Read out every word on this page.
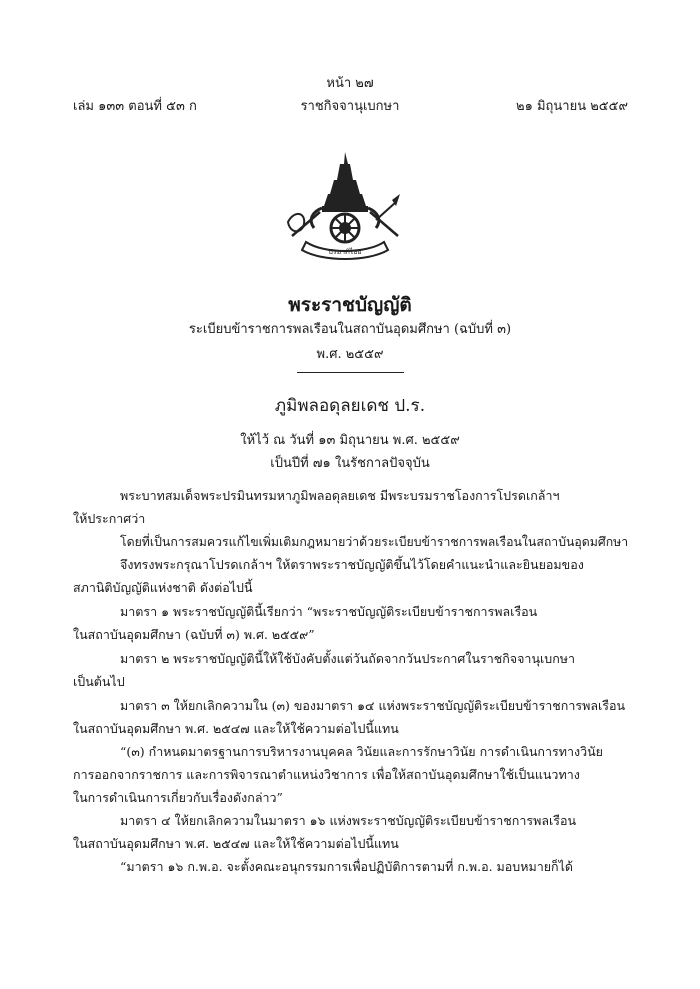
หน้า ๒๗
เล่ม ๑๓๓ ตอนที่ ๕๓ ก	ราชกิจจานุเบกษา	๒๑ มิถุนายน ๒๕๕๙
ปรมาภิไธย
พระราชบัญญัติ
ระเบียบข้าราชการพลเรือนในสถาบันอุดมศึกษา (ฉบับที่ ๓)
พ.ศ. ๒๕๕๙
ภูมิพลอดุลยเดช ป.ร.
ให้ไว้ ณ วันที่ ๑๓ มิถุนายน พ.ศ. ๒๕๕๙
เป็นปีที่ ๗๑ ในรัชกาลปัจจุบัน
พระบาทสมเด็จพระปรมินทรมหาภูมิพลอดุลยเดช มีพระบรมราชโองการโปรดเกล้าฯ
ให้ประกาศว่า
โดยที่เป็นการสมควรแก้ไขเพิ่มเติมกฎหมายว่าด้วยระเบียบข้าราชการพลเรือนในสถาบันอุดมศึกษา
จึงทรงพระกรุณาโปรดเกล้าฯ ให้ตราพระราชบัญญัติขึ้นไว้โดยคำแนะนำและยินยอมของ
สภานิติบัญญัติแห่งชาติ ดังต่อไปนี้
มาตรา ๑ พระราชบัญญัตินี้เรียกว่า “พระราชบัญญัติระเบียบข้าราชการพลเรือน
ในสถาบันอุดมศึกษา (ฉบับที่ ๓) พ.ศ. ๒๕๕๙”
มาตรา ๒ พระราชบัญญัตินี้ให้ใช้บังคับตั้งแต่วันถัดจากวันประกาศในราชกิจจานุเบกษา
เป็นต้นไป
มาตรา ๓ ให้ยกเลิกความใน (๓) ของมาตรา ๑๔ แห่งพระราชบัญญัติระเบียบข้าราชการพลเรือน
ในสถาบันอุดมศึกษา พ.ศ. ๒๕๔๗ และให้ใช้ความต่อไปนี้แทน
“(๓) กำหนดมาตรฐานการบริหารงานบุคคล วินัยและการรักษาวินัย การดำเนินการทางวินัย
การออกจากราชการ และการพิจารณาตำแหน่งวิชาการ เพื่อให้สถาบันอุดมศึกษาใช้เป็นแนวทาง
ในการดำเนินการเกี่ยวกับเรื่องดังกล่าว”
มาตรา ๔ ให้ยกเลิกความในมาตรา ๑๖ แห่งพระราชบัญญัติระเบียบข้าราชการพลเรือน
ในสถาบันอุดมศึกษา พ.ศ. ๒๕๔๗ และให้ใช้ความต่อไปนี้แทน
“มาตรา ๑๖ ก.พ.อ. จะตั้งคณะอนุกรรมการเพื่อปฏิบัติการตามที่ ก.พ.อ. มอบหมายก็ได้
